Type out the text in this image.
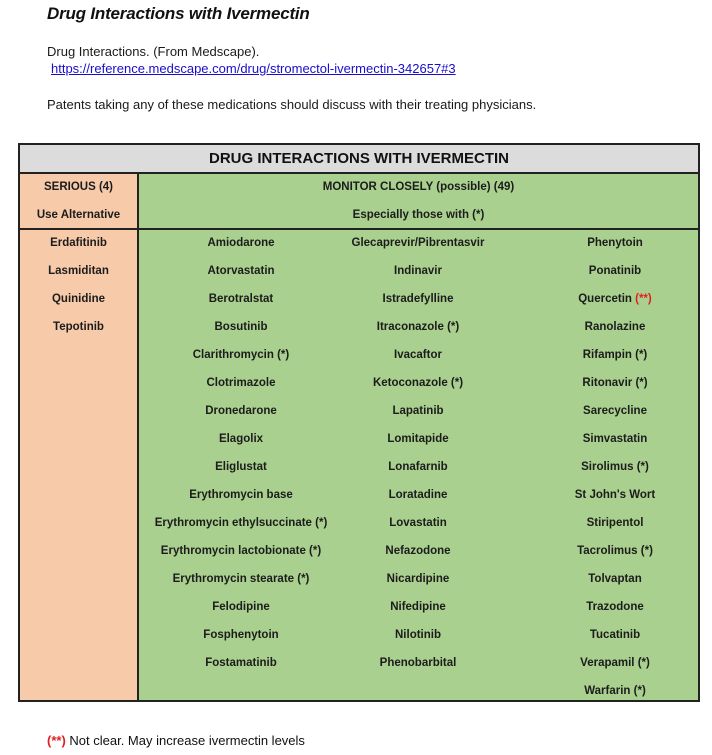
Drug Interactions with Ivermectin
Drug Interactions. (From Medscape).
https://reference.medscape.com/drug/stromectol-ivermectin-342657#3
Patents taking any of these medications should discuss with their treating physicians.
DRUG INTERACTIONS WITH IVERMECTIN
SERIOUS (4)
Use Alternative
Erdafitinib
Lasmiditan
Quinidine
Tepotinib
MONITOR CLOSELY (possible) (49)
Especially those with (*)
Amiodarone
Atorvastatin
Berotralstat
Bosutinib
Clarithromycin (*)
Clotrimazole
Dronedarone
Elagolix
Eliglustat
Erythromycin base
Erythromycin ethylsuccinate (*)
Erythromycin lactobionate (*)
Erythromycin stearate (*)
Felodipine
Fosphenytoin
Fostamatinib
Glecaprevir/Pibrentasvir
Indinavir
Istradefylline
Itraconazole (*)
Ivacaftor
Ketoconazole (*)
Lapatinib
Lomitapide
Lonafarnib
Loratadine
Lovastatin
Nefazodone
Nicardipine
Nifedipine
Nilotinib
Phenobarbital
Phenytoin
Ponatinib
Quercetin (**)
Ranolazine
Rifampin (*)
Ritonavir (*)
Sarecycline
Simvastatin
Sirolimus (*)
St John's Wort
Stiripentol
Tacrolimus (*)
Tolvaptan
Trazodone
Tucatinib
Verapamil (*)
Warfarin (*)
(**) Not clear. May increase ivermectin levels
